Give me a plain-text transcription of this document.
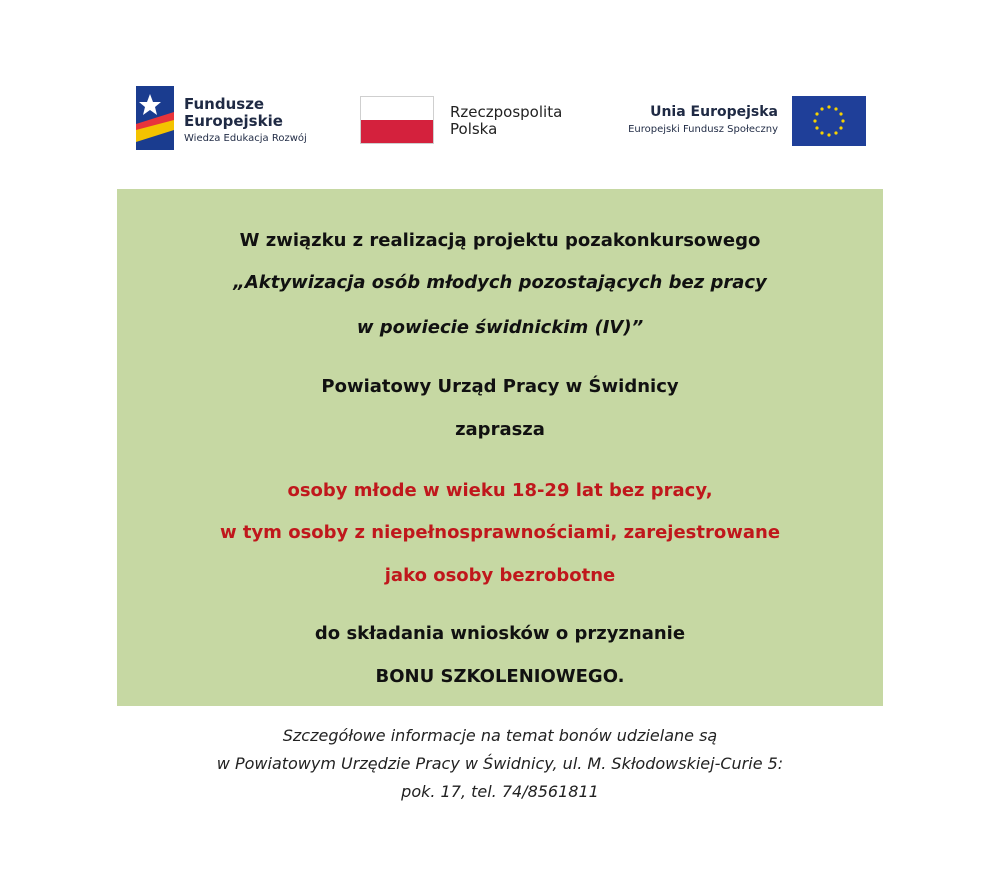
Fundusze
Europejskie
Wiedza Edukacja Rozwój
Rzeczpospolita
Polska
Unia Europejska
Europejski Fundusz Społeczny
W związku z realizacją projektu pozakonkursowego
„Aktywizacja osób młodych pozostających bez pracy
w powiecie świdnickim (IV)”
Powiatowy Urząd Pracy w Świdnicy
zaprasza
osoby młode w wieku 18-29 lat bez pracy,
w tym osoby z niepełnosprawnościami, zarejestrowane
jako osoby bezrobotne
do składania wniosków o przyznanie
BONU SZKOLENIOWEGO.
Szczegółowe informacje na temat bonów udzielane są
w Powiatowym Urzędzie Pracy w Świdnicy, ul. M. Skłodowskiej-Curie 5:
pok. 17, tel. 74/8561811
